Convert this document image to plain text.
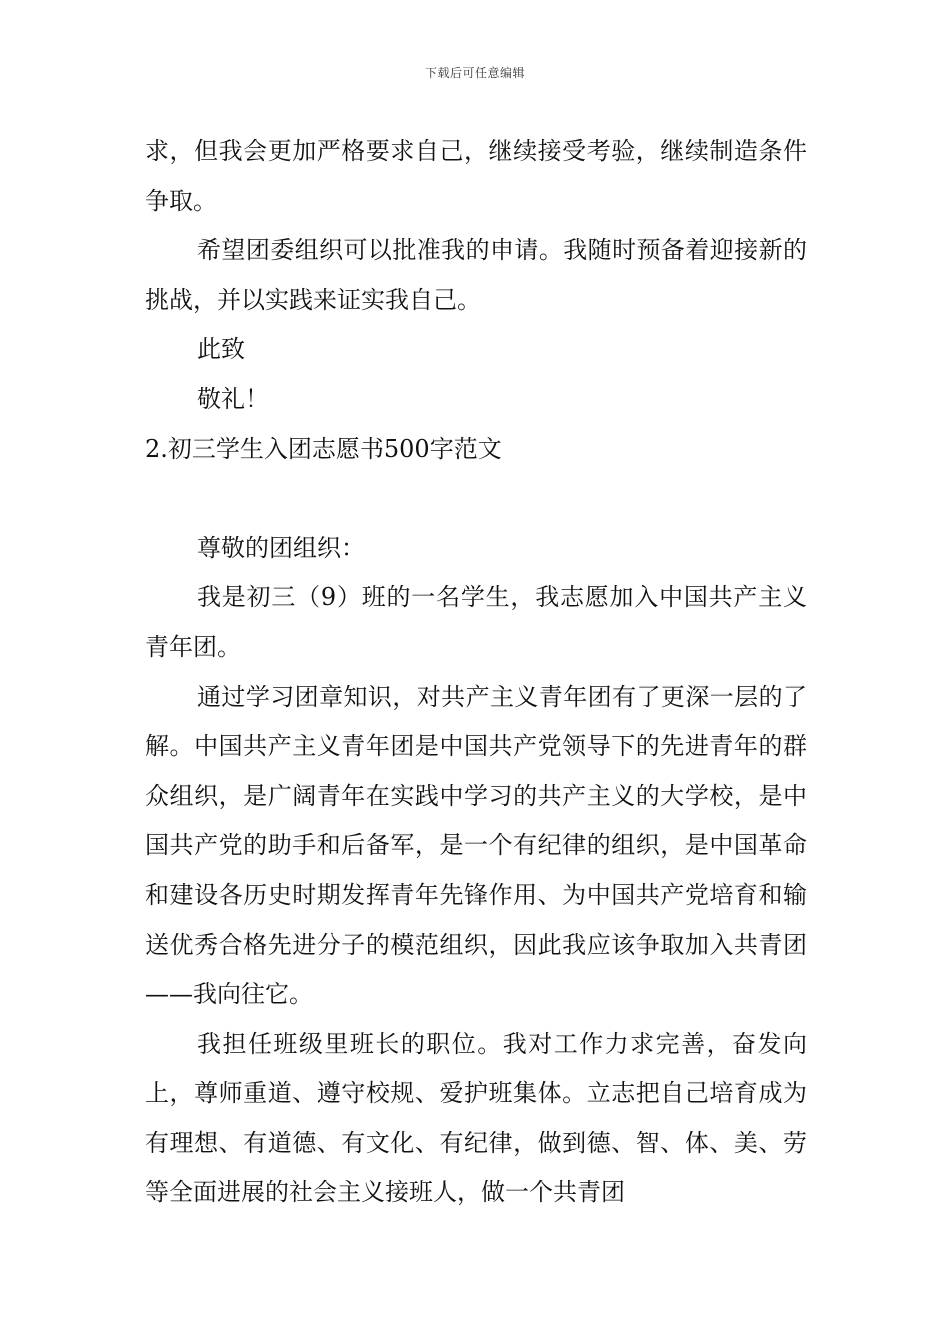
下载后可任意编辑

求，但我会更加严格要求自己，继续接受考验，继续制造条件争取。

希望团委组织可以批准我的申请。我随时预备着迎接新的挑战，并以实践来证实我自己。

此致

敬礼！

2.初三学生入团志愿书500字范文

尊敬的团组织：

我是初三（9）班的一名学生，我志愿加入中国共产主义青年团。

通过学习团章知识，对共产主义青年团有了更深一层的了解。中国共产主义青年团是中国共产党领导下的先进青年的群众组织，是广阔青年在实践中学习的共产主义的大学校，是中国共产党的助手和后备军，是一个有纪律的组织，是中国革命和建设各历史时期发挥青年先锋作用、为中国共产党培育和输送优秀合格先进分子的模范组织，因此我应该争取加入共青团——我向往它。

我担任班级里班长的职位。我对工作力求完善，奋发向上，尊师重道、遵守校规、爱护班集体。立志把自己培育成为有理想、有道德、有文化、有纪律，做到德、智、体、美、劳等全面进展的社会主义接班人，做一个共青团
